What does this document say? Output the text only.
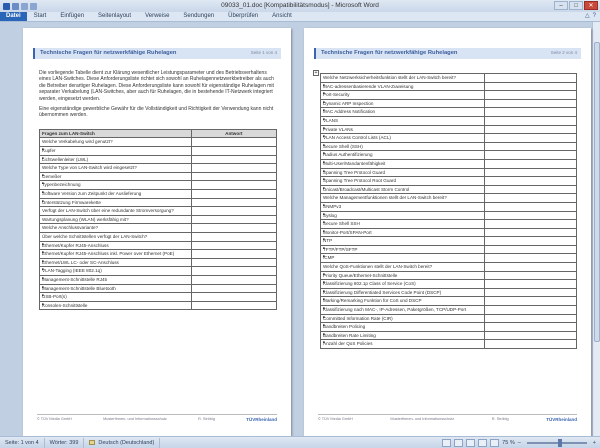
09033_01.doc [Kompatibilitätsmodus] - Microsoft Word	–	□	✕
Datei	Start	Einfügen	Seitenlayout	Verweise	Sendungen	Überprüfen	Ansicht	△ ?
Technische Fragen für netzwerkfähige Ruhelagen	Seite 1 von 4
Die vorliegende Tabelle dient zur Klärung wesentlicher Leistungsparameter und des Betriebsverhaltens eines LAN-Switches. Diese Anforderungsliste richtet sich sowohl an Ruhelagennetzwerkbetreiber als auch die Betreiber derartiger Ruhelagen. Diese Anforderungsliste kann sowohl für eigenständige Ruhelagen mit separater Verkabelung (LAN-Switches, aber auch für Ruhelagen, die in bestehende IT-Netzwerk integriert werden, eingesetzt werden.
Eine eigenständige gewerbliche Gewähr für die Vollständigkeit und Richtigkeit der Verwendung kann nicht übernommen werden.
Fragen zum LAN-Switch	Antwort
Welche Verkabelung wird genutzt?	
■ Kupfer	
■ Lichtwellenleiter (LWL)	
Welche Type von LAN-Switch wird eingesetzt?	
■ Gemeßer	
■ Typenbezeichnung	
■ Software Version zum Zeitpunkt der Auslieferung	
■ Unterstützung Firmwarekette	
Verfügt der LAN-Switch über eine redundante Stromversorgung?	
Wartungsplanung (WLAN) werksfähig mit?	
Welche Anschlussvariante?	
Über welche Schnittstellen verfügt der LAN-Switch?	
■ Ethernet/Kupfer RJ45-Anschluss	
■ Ethernet/Kupfer RJ45-Anschluss inkl. Power over Ethernet (PoE)	
■ Ethernet/LWL LC- oder SC-Anschluss	
■ VLAN-Tagging (IEEE 802.1q)	
■ Management-Schnittstelle RJ45	
■ Management-Schnittstelle Bluetooth	
■ USB-Port(s)	
■ Konsolen-Schnittstelle	
© TÜV Media GmbH	Musterfirmen- und Informationsschutz	R. Ströbig	TÜVRheinland
Technische Fragen für netzwerkfähige Ruhelagen	Seite 2 von 4
+
Welche Netzwerksicherheitsfunktion stellt der LAN-Switch bereit?	
■ MAC-adressenbasierende VLAN-Zuweisung	
■ Port-Security	
■ Dynamic ARP Inspection	
■ MAC Address Notification	
■ VLANS	
■ Private VLANs	
■ VLAN Access Control Lists (ACL)	
■ Secure Shell (SSH)	
■ Radius Authentifizierung	
■ Multi-User/Mandantenfähigkeit	
■ Spanning Tree Protocol Guard	
■ Spanning Tree Protocol Root Guard	
■ Unicast/Broadcast/Multicast Storm Control	
Welche Managementfunktionen stellt der LAN-Switch bereit?	
■ SNMPv3	
■ Syslog	
■ Secure Shell SSH	
■ Monitor-Port/SPAN-Port	
■ NTP	
■ TFTP/FTP/SFTP	
■ ICMP	
Welche QoS-Funktionen stellt der LAN-Switch bereit?	
■ Priority Queue/Ethernet-Schnittstelle	
■ Klassifizierung 802.1p Class of Service (CoS)	
■ Klassifizierung Differentiated Services Code Point (DSCP)	
■ Marking/Remarking Funktion für CoS und DSCP	
■ Klassifizierung nach MAC-, IP-Adressen, Paketgrößen, TCP/UDP-Port	
■ Committed Information Rate (CIR)	
■ Bandbreiten Policing	
■ Bandbreiten Rate Limiting	
■ Anzahl der QoS Policies	
© TÜV Media GmbH	Musterfirmen- und Informationsschutz	R. Ströbig	TÜVRheinland
Seite: 1 von 4	Wörter: 399	Deutsch (Deutschland)	75 % –	+
